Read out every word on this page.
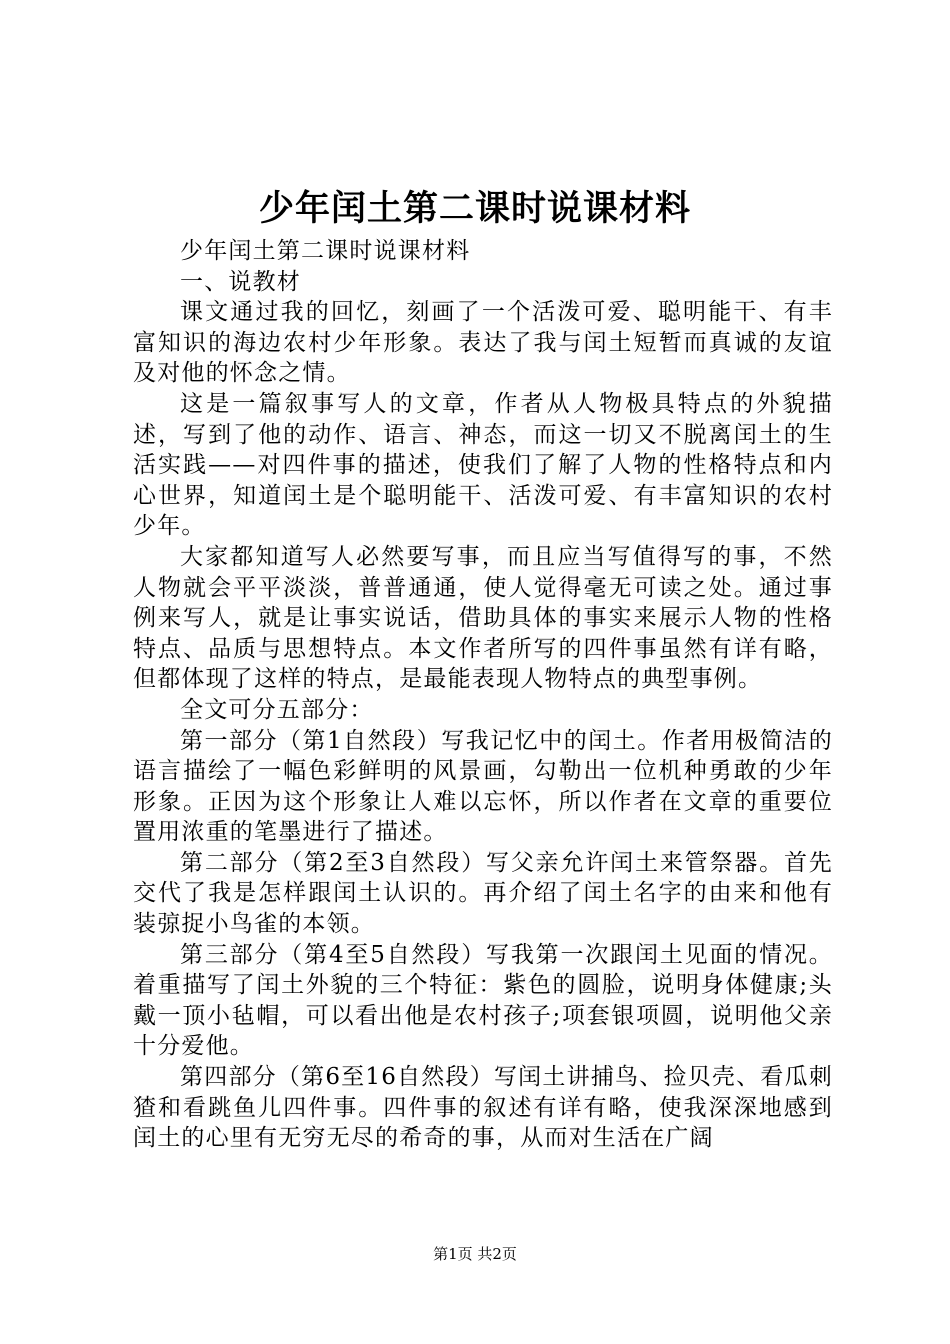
少年闰土第二课时说课材料

少年闰土第二课时说课材料

一、说教材

课文通过我的回忆，刻画了一个活泼可爱、聪明能干、有丰富知识的海边农村少年形象。表达了我与闰土短暂而真诚的友谊及对他的怀念之情。

这是一篇叙事写人的文章，作者从人物极具特点的外貌描述，写到了他的动作、语言、神态，而这一切又不脱离闰土的生活实践——对四件事的描述，使我们了解了人物的性格特点和内心世界，知道闰土是个聪明能干、活泼可爱、有丰富知识的农村少年。

大家都知道写人必然要写事，而且应当写值得写的事，不然人物就会平平淡淡，普普通通，使人觉得毫无可读之处。通过事例来写人，就是让事实说话，借助具体的事实来展示人物的性格特点、品质与思想特点。本文作者所写的四件事虽然有详有略，但都体现了这样的特点，是最能表现人物特点的典型事例。

全文可分五部分：

第一部分（第1自然段）写我记忆中的闰土。作者用极简洁的语言描绘了一幅色彩鲜明的风景画，勾勒出一位机种勇敢的少年形象。正因为这个形象让人难以忘怀，所以作者在文章的重要位置用浓重的笔墨进行了描述。

第二部分（第2至3自然段）写父亲允许闰土来管祭器。首先交代了我是怎样跟闰土认识的。再介绍了闰土名字的由来和他有装弶捉小鸟雀的本领。

第三部分（第4至5自然段）写我第一次跟闰土见面的情况。着重描写了闰土外貌的三个特征：紫色的圆脸，说明身体健康;头戴一顶小毡帽，可以看出他是农村孩子;项套银项圆，说明他父亲十分爱他。

第四部分（第6至16自然段）写闰土讲捕鸟、捡贝壳、看瓜刺猹和看跳鱼儿四件事。四件事的叙述有详有略，使我深深地感到闰土的心里有无穷无尽的希奇的事，从而对生活在广阔

第1页 共2页
